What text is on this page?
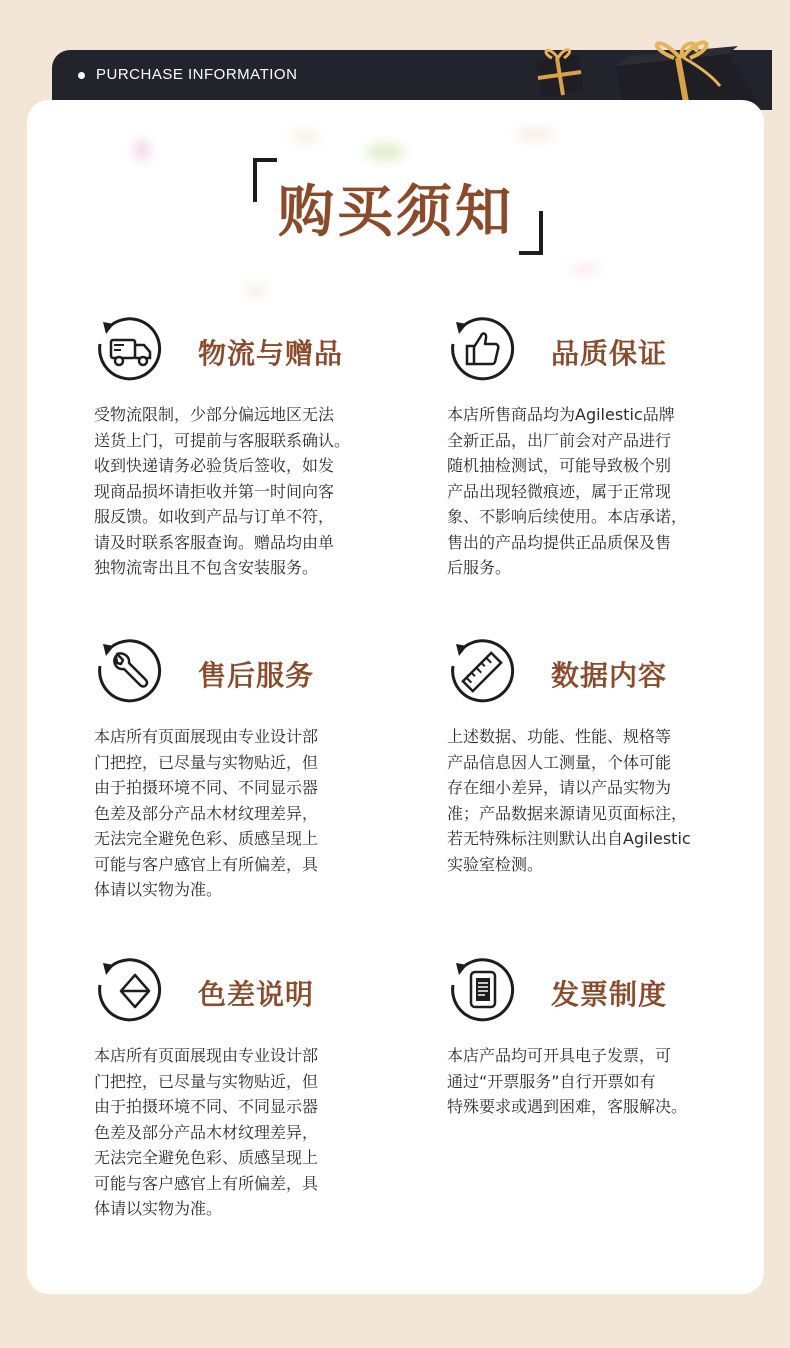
PURCHASE INFORMATION
购买须知
物流与赠品
受物流限制，少部分偏远地区无法
送货上门，可提前与客服联系确认。
收到快递请务必验货后签收，如发
现商品损坏请拒收并第一时间向客
服反馈。如收到产品与订单不符，
请及时联系客服查询。赠品均由单
独物流寄出且不包含安装服务。
品质保证
本店所售商品均为Agilestic品牌
全新正品，出厂前会对产品进行
随机抽检测试，可能导致极个别
产品出现轻微痕迹，属于正常现
象、不影响后续使用。本店承诺，
售出的产品均提供正品质保及售
后服务。
售后服务
本店所有页面展现由专业设计部
门把控，已尽量与实物贴近，但
由于拍摄环境不同、不同显示器
色差及部分产品木材纹理差异，
无法完全避免色彩、质感呈现上
可能与客户感官上有所偏差，具
体请以实物为准。
数据内容
上述数据、功能、性能、规格等
产品信息因人工测量，个体可能
存在细小差异，请以产品实物为
准；产品数据来源请见页面标注，
若无特殊标注则默认出自Agilestic
实验室检测。
色差说明
本店所有页面展现由专业设计部
门把控，已尽量与实物贴近，但
由于拍摄环境不同、不同显示器
色差及部分产品木材纹理差异，
无法完全避免色彩、质感呈现上
可能与客户感官上有所偏差，具
体请以实物为准。
发票制度
本店产品均可开具电子发票，可
通过“开票服务”自行开票如有
特殊要求或遇到困难，客服解决。
